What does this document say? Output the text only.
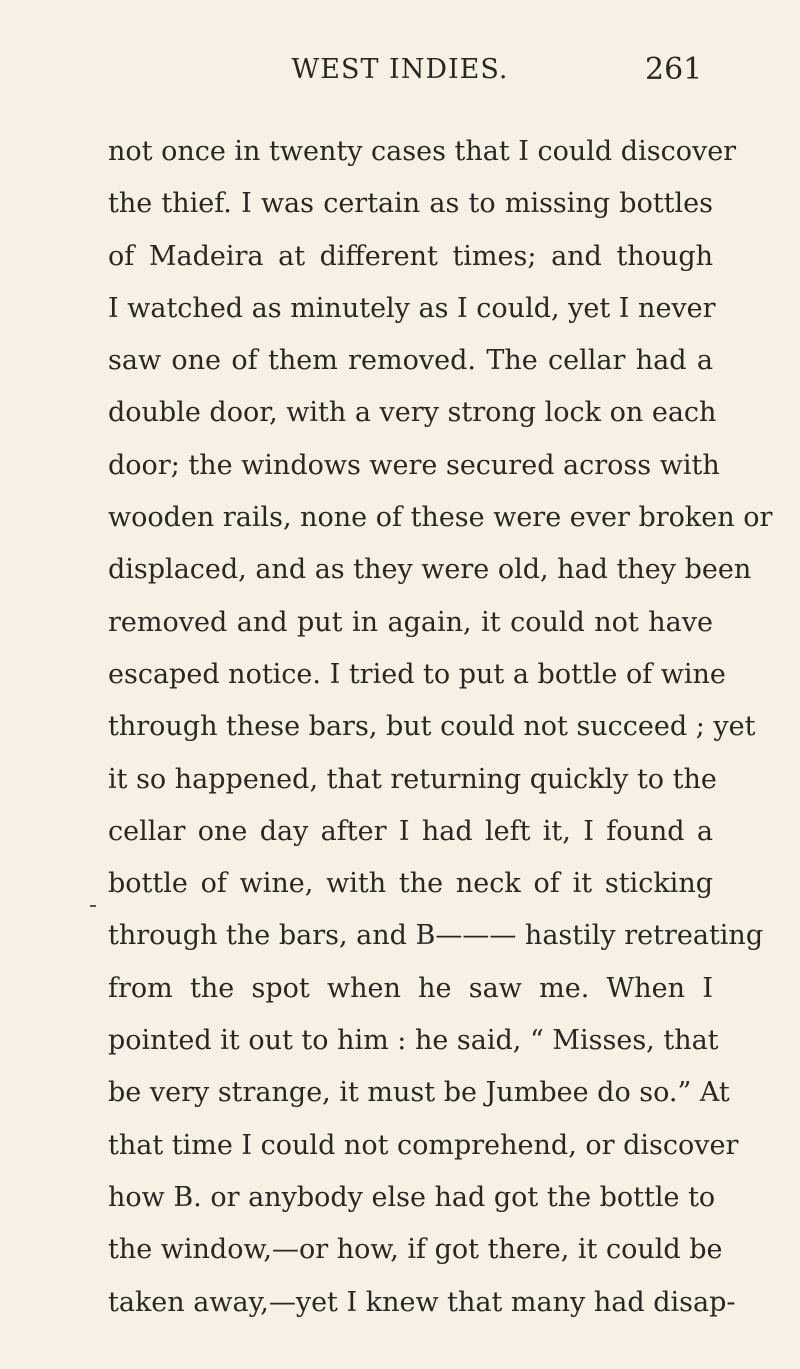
WEST INDIES.	261
not once in twenty cases that I could discover
the thief. I was certain as to missing bottles
of Madeira at different times; and though
I watched as minutely as I could, yet I never
saw one of them removed. The cellar had a
double door, with a very strong lock on each
door; the windows were secured across with
wooden rails, none of these were ever broken or
displaced, and as they were old, had they been
removed and put in again, it could not have
escaped notice. I tried to put a bottle of wine
through these bars, but could not succeed ; yet
it so happened, that returning quickly to the
cellar one day after I had left it, I found a
bottle of wine, with the neck of it sticking
through the bars, and B——— hastily retreating
from the spot when he saw me. When I
pointed it out to him : he said, “ Misses, that
be very strange, it must be Jumbee do so.” At
that time I could not comprehend, or discover
how B. or anybody else had got the bottle to
the window,—or how, if got there, it could be
taken away,—yet I knew that many had disap-
